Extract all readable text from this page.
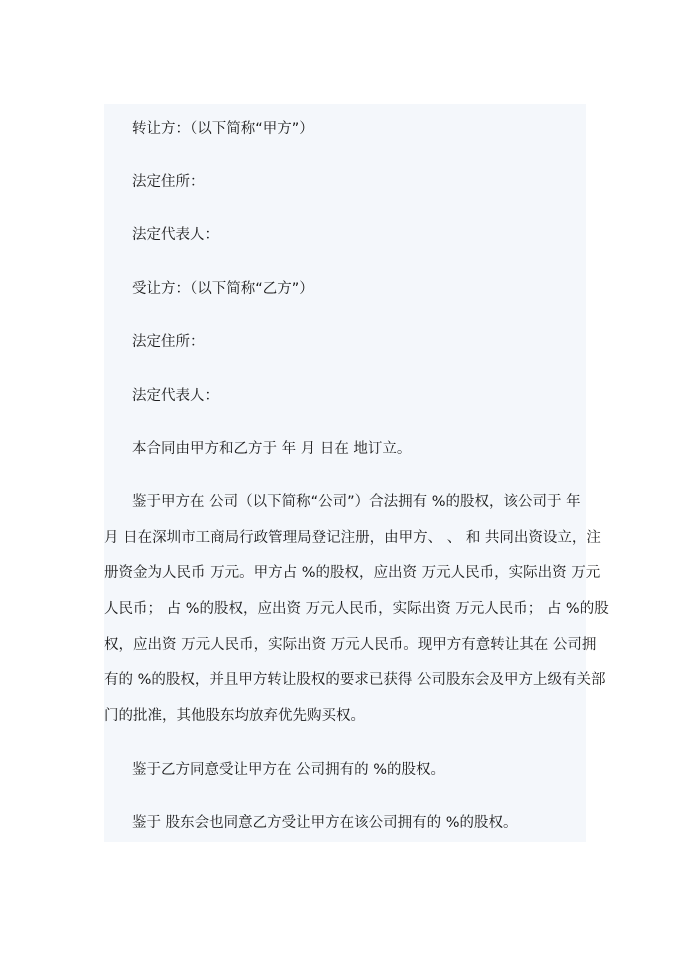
转让方：（以下简称“甲方”）

法定住所：

法定代表人：

受让方：（以下简称“乙方”）

法定住所：

法定代表人：

本合同由甲方和乙方于 年 月 日在 地订立。

鉴于甲方在 公司（以下简称“公司”）合法拥有 %的股权，该公司于 年

月 日在深圳市工商局行政管理局登记注册，由甲方、 、 和 共同出资设立，注

册资金为人民币 万元。甲方占 %的股权，应出资 万元人民币，实际出资 万元

人民币； 占 %的股权，应出资 万元人民币，实际出资 万元人民币； 占 %的股

权，应出资 万元人民币，实际出资 万元人民币。现甲方有意转让其在 公司拥

有的 %的股权，并且甲方转让股权的要求已获得 公司股东会及甲方上级有关部

门的批准，其他股东均放弃优先购买权。

鉴于乙方同意受让甲方在 公司拥有的 %的股权。

鉴于 股东会也同意乙方受让甲方在该公司拥有的 %的股权。
